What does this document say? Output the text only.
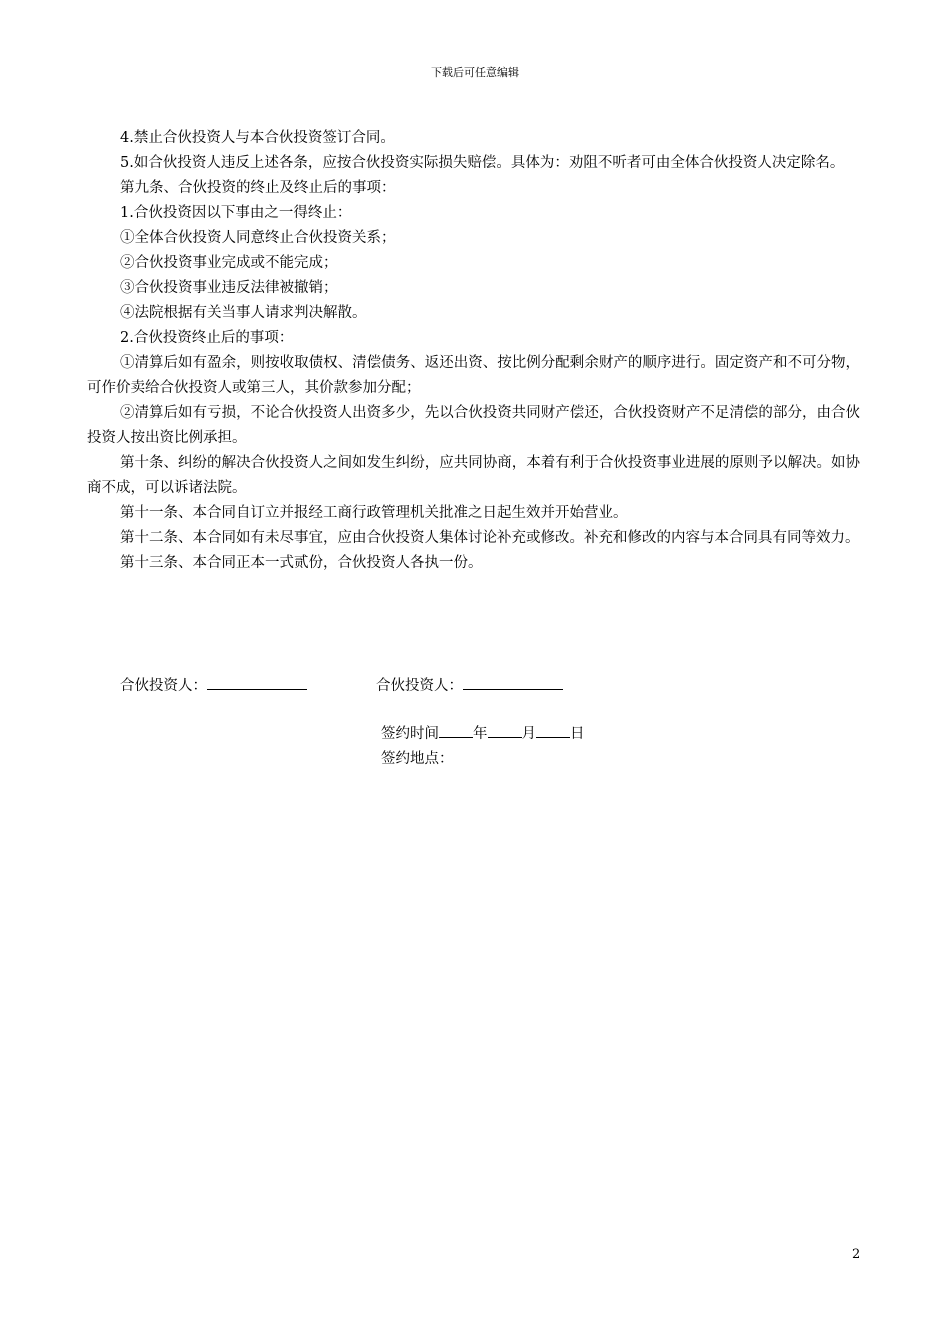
下载后可任意编辑

4.禁止合伙投资人与本合伙投资签订合同。

5.如合伙投资人违反上述各条，应按合伙投资实际损失赔偿。具体为：劝阻不听者可由全体合伙投资人决定除名。

第九条、合伙投资的终止及终止后的事项：

1.合伙投资因以下事由之一得终止：

①全体合伙投资人同意终止合伙投资关系；

②合伙投资事业完成或不能完成；

③合伙投资事业违反法律被撤销；

④法院根据有关当事人请求判决解散。

2.合伙投资终止后的事项：

①清算后如有盈余，则按收取债权、清偿债务、返还出资、按比例分配剩余财产的顺序进行。固定资产和不可分物，可作价卖给合伙投资人或第三人，其价款参加分配；

②清算后如有亏损，不论合伙投资人出资多少，先以合伙投资共同财产偿还，合伙投资财产不足清偿的部分，由合伙投资人按出资比例承担。

第十条、纠纷的解决合伙投资人之间如发生纠纷，应共同协商，本着有利于合伙投资事业进展的原则予以解决。如协商不成，可以诉诸法院。

第十一条、本合同自订立并报经工商行政管理机关批准之日起生效并开始营业。

第十二条、本合同如有未尽事宜，应由合伙投资人集体讨论补充或修改。补充和修改的内容与本合同具有同等效力。

第十三条、本合同正本一式贰份，合伙投资人各执一份。

合伙投资人：	合伙投资人：
签约时间 年 月 日
签约地点：
2
